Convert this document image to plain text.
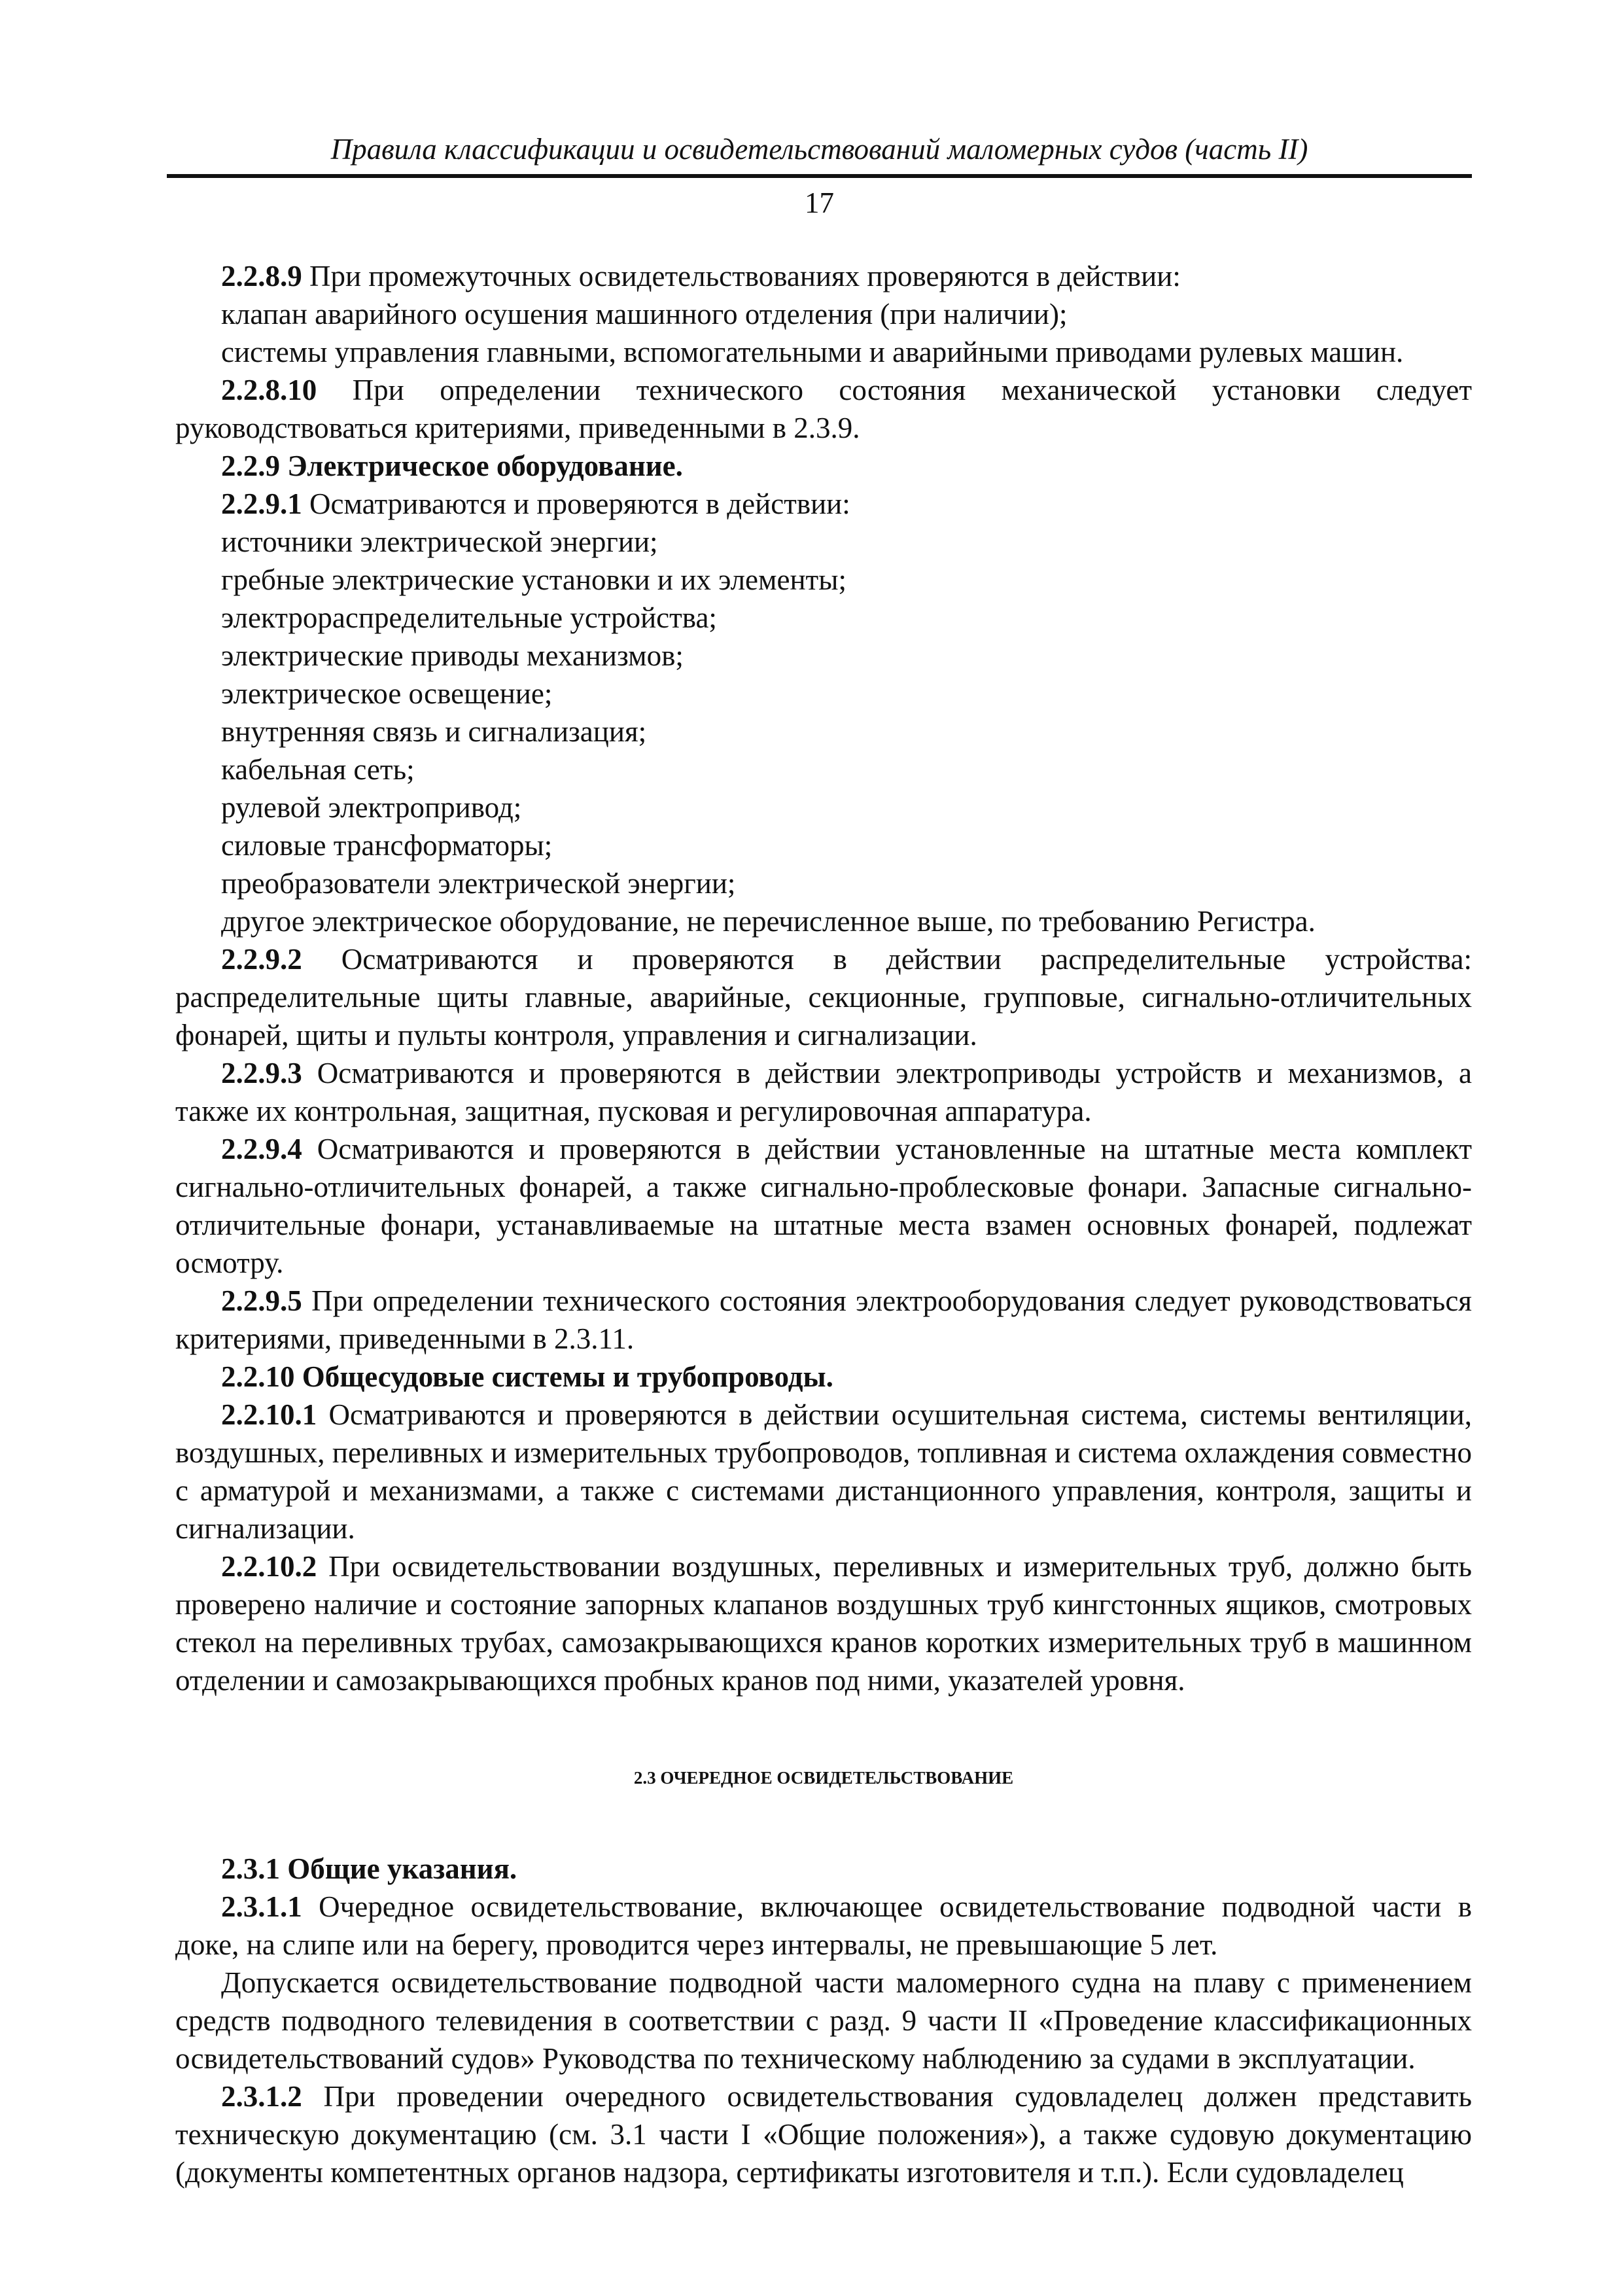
Правила классификации и освидетельствований маломерных судов (часть II)
17

2.2.8.9 При промежуточных освидетельствованиях проверяются в действии:

клапан аварийного осушения машинного отделения (при наличии);

системы управления главными, вспомогательными и аварийными приводами рулевых машин.

2.2.8.10 При определении технического состояния механической установки следует руководствоваться критериями, приведенными в 2.3.9.

2.2.9 Электрическое оборудование.

2.2.9.1 Осматриваются и проверяются в действии:

источники электрической энергии;

гребные электрические установки и их элементы;

электрораспределительные устройства;

электрические приводы механизмов;

электрическое освещение;

внутренняя связь и сигнализация;

кабельная сеть;

рулевой электропривод;

силовые трансформаторы;

преобразователи электрической энергии;

другое электрическое оборудование, не перечисленное выше, по требованию Регистра.

2.2.9.2 Осматриваются и проверяются в действии распределительные устройства: распределительные щиты главные, аварийные, секционные, групповые, сигнально-отличительных фонарей, щиты и пульты контроля, управления и сигнализации.

2.2.9.3 Осматриваются и проверяются в действии электроприводы устройств и механизмов, а также их контрольная, защитная, пусковая и регулировочная аппаратура.

2.2.9.4 Осматриваются и проверяются в действии установленные на штатные места комплект сигнально-отличительных фонарей, а также сигнально-проблесковые фонари. Запасные сигнально-отличительные фонари, устанавливаемые на штатные места взамен основных фонарей, подлежат осмотру.

2.2.9.5 При определении технического состояния электрооборудования следует руководствоваться критериями, приведенными в 2.3.11.

2.2.10 Общесудовые системы и трубопроводы.

2.2.10.1 Осматриваются и проверяются в действии осушительная система, системы вентиляции, воздушных, переливных и измерительных трубопроводов, топливная и система охлаждения совместно с арматурой и механизмами, а также с системами дистанционного управления, контроля, защиты и сигнализации.

2.2.10.2 При освидетельствовании воздушных, переливных и измерительных труб, должно быть проверено наличие и состояние запорных клапанов воздушных труб кингстонных ящиков, смотровых стекол на переливных трубах, самозакрывающихся кранов коротких измерительных труб в машинном отделении и самозакрывающихся пробных кранов под ними, указателей уровня.

2.3 ОЧЕРЕДНОЕ ОСВИДЕТЕЛЬСТВОВАНИЕ

2.3.1 Общие указания.

2.3.1.1 Очередное освидетельствование, включающее освидетельствование подводной части в доке, на слипе или на берегу, проводится через интервалы, не превышающие 5 лет.

Допускается освидетельствование подводной части маломерного судна на плаву с применением средств подводного телевидения в соответствии с разд. 9 части II «Проведение классификационных освидетельствований судов» Руководства по техническому наблюдению за судами в эксплуатации.

2.3.1.2 При проведении очередного освидетельствования судовладелец должен представить техническую документацию (см. 3.1 части I «Общие положения»), а также судовую документацию (документы компетентных органов надзора, сертификаты изготовителя и т.п.). Если судовладелец
